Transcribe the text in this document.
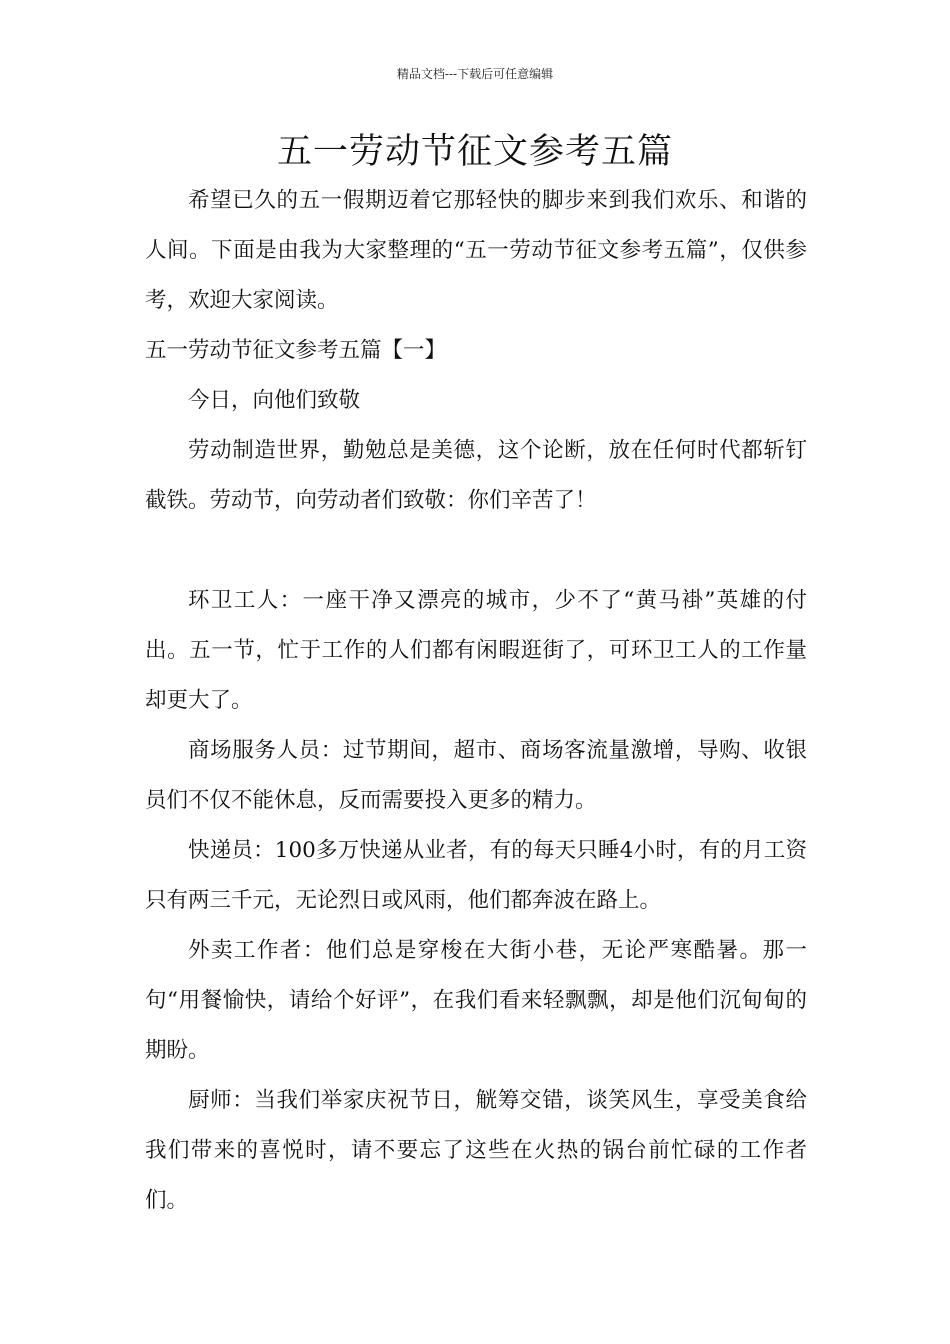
精品文档---下载后可任意编辑
五一劳动节征文参考五篇

希望已久的五一假期迈着它那轻快的脚步来到我们欢乐、和谐的人间。下面是由我为大家整理的“五一劳动节征文参考五篇”，仅供参考，欢迎大家阅读。

五一劳动节征文参考五篇【一】

今日，向他们致敬

劳动制造世界，勤勉总是美德，这个论断，放在任何时代都斩钉截铁。劳动节，向劳动者们致敬：你们辛苦了！

环卫工人：一座干净又漂亮的城市，少不了“黄马褂”英雄的付出。五一节，忙于工作的人们都有闲暇逛街了，可环卫工人的工作量却更大了。

商场服务人员：过节期间，超市、商场客流量激增，导购、收银员们不仅不能休息，反而需要投入更多的精力。

快递员：100多万快递从业者，有的每天只睡4小时，有的月工资只有两三千元，无论烈日或风雨，他们都奔波在路上。

外卖工作者：他们总是穿梭在大街小巷，无论严寒酷暑。那一句“用餐愉快，请给个好评”，在我们看来轻飘飘，却是他们沉甸甸的期盼。

厨师：当我们举家庆祝节日，觥筹交错，谈笑风生，享受美食给我们带来的喜悦时，请不要忘了这些在火热的锅台前忙碌的工作者们。
